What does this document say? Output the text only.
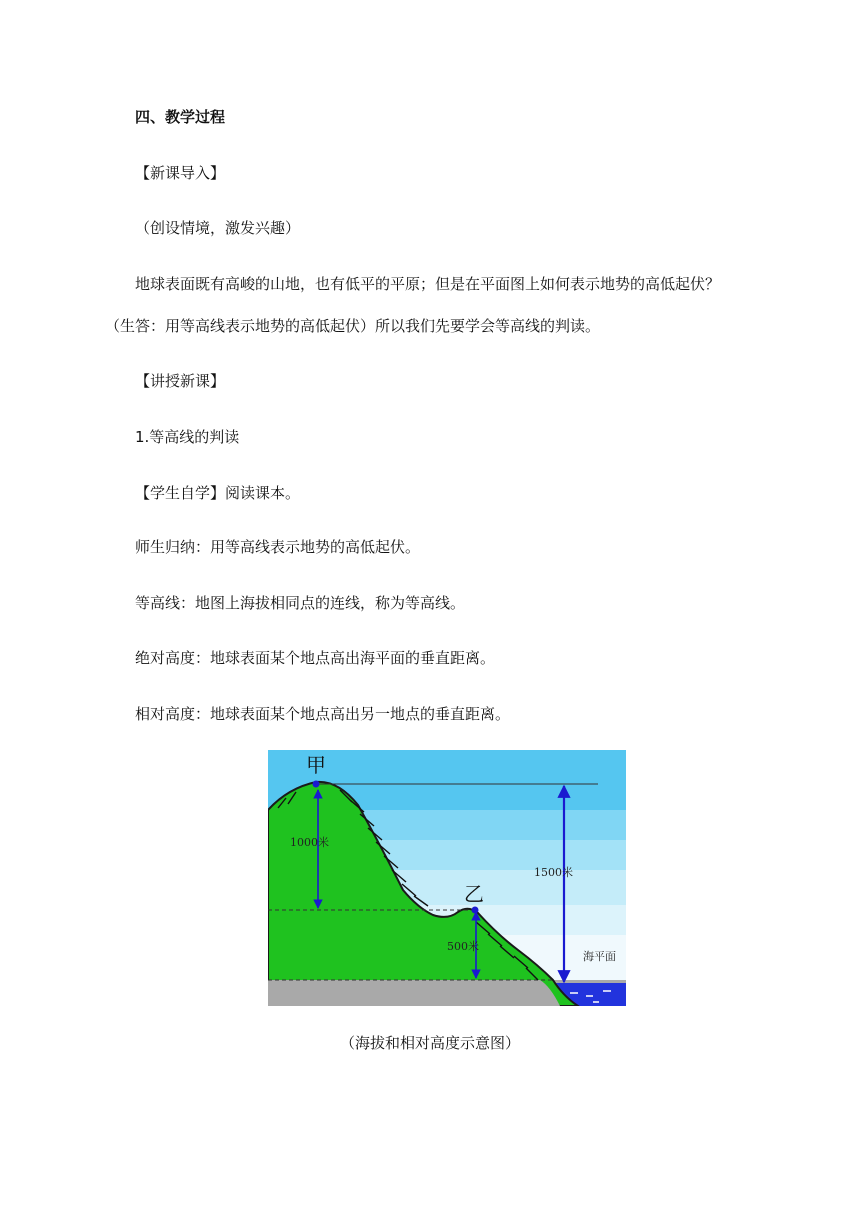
四、教学过程
【新课导入】
（创设情境，激发兴趣）
地球表面既有高峻的山地，也有低平的平原；但是在平面图上如何表示地势的高低起伏？
（生答：用等高线表示地势的高低起伏）所以我们先要学会等高线的判读。
【讲授新课】
1.等高线的判读
【学生自学】阅读课本。
师生归纳：用等高线表示地势的高低起伏。
等高线：地图上海拔相同点的连线，称为等高线。
绝对高度：地球表面某个地点高出海平面的垂直距离。
相对高度：地球表面某个地点高出另一地点的垂直距离。
甲
乙
1000米
500米
1500米
海平面
（海拔和相对高度示意图）
